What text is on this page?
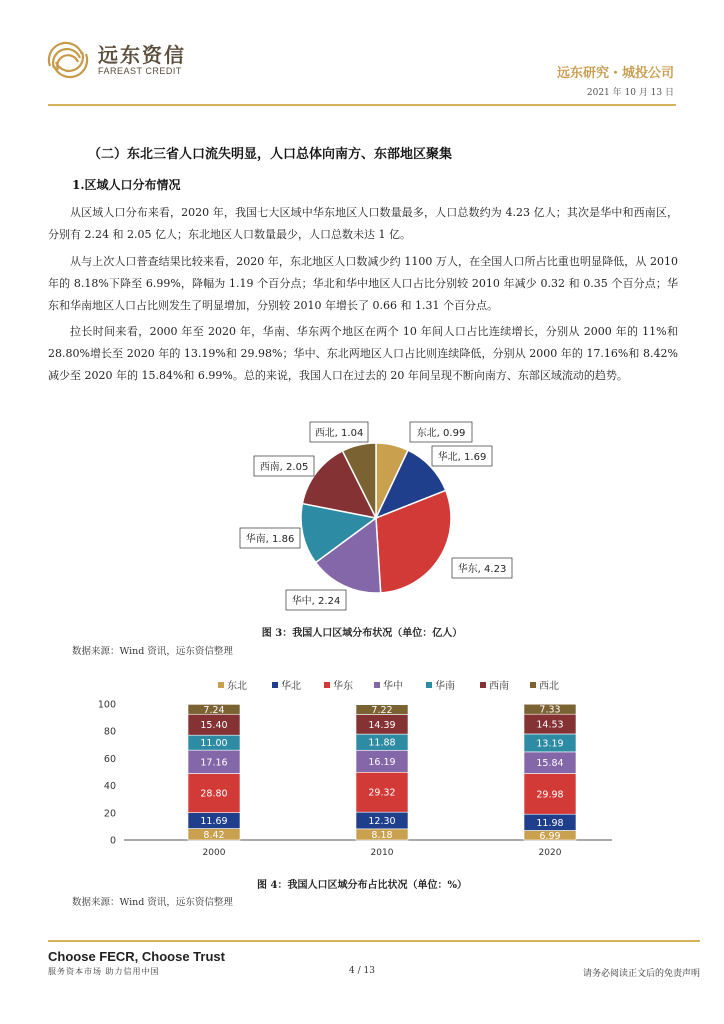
远东资信
FAREAST CREDIT	远东研究・城投公司
2021 年 10 月 13 日
（二）东北三省人口流失明显，人口总体向南方、东部地区聚集
1.区域人口分布情况
从区域人口分布来看，2020 年，我国七大区域中华东地区人口数量最多，人口总数约为 4.23 亿人；其次是华中和西南区，分别有 2.24 和 2.05 亿人；东北地区人口数量最少，人口总数未达 1 亿。
从与上次人口普查结果比较来看，2020 年，东北地区人口数减少约 1100 万人，在全国人口所占比重也明显降低，从 2010 年的 8.18%下降至 6.99%，降幅为 1.19 个百分点；华北和华中地区人口占比分别较 2010 年减少 0.32 和 0.35 个百分点；华东和华南地区人口占比则发生了明显增加，分别较 2010 年增长了 0.66 和 1.31 个百分点。
拉长时间来看，2000 年至 2020 年，华南、华东两个地区在两个 10 年间人口占比连续增长，分别从 2000 年的 11%和 28.80%增长至 2020 年的 13.19%和 29.98%；华中、东北两地区人口占比则连续降低，分别从 2000 年的 17.16%和 8.42%减少至 2020 年的 15.84%和 6.99%。总的来说，我国人口在过去的 20 年间呈现不断向南方、东部区域流动的趋势。
东北, 0.99
华北, 1.69
华东, 4.23
华中, 2.24
华南, 1.86
西南, 2.05
西北, 1.04
图 3：我国人口区域分布状况（单位：亿人）
数据来源：Wind 资讯，远东资信整理
东北	华北	华东	华中	华南	西南	西北
0
20
40
60
80
100
8.42
11.69
28.80
17.16
11.00
15.40
7.24
2000
8.18
12.30
29.32
16.19
11.88
14.39
7.22
2010
6.99
11.98
29.98
15.84
13.19
14.53
7.33
2020
图 4：我国人口区域分布占比状况（单位：%）
数据来源：Wind 资讯，远东资信整理
Choose FECR, Choose Trust
服务资本市场 助力信用中国	4 / 13	请务必阅读正文后的免责声明
